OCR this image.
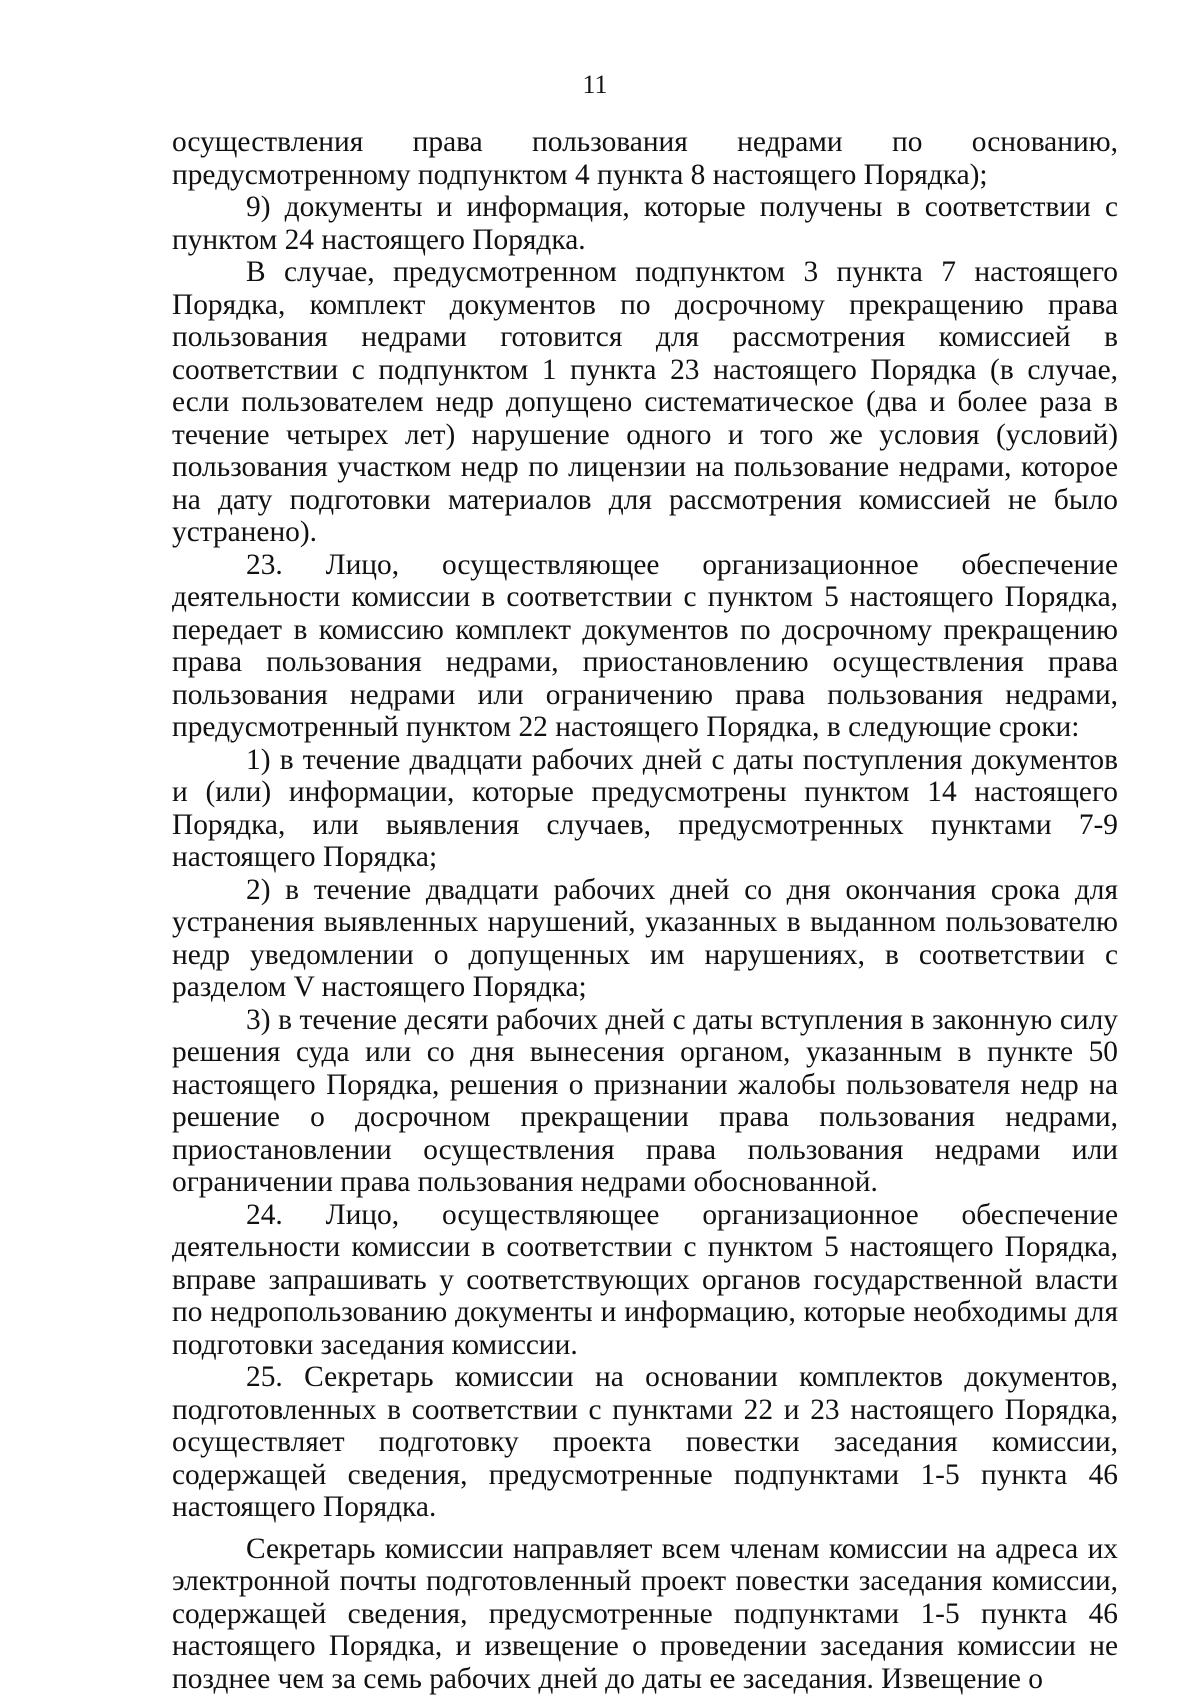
11

осуществления права пользования недрами по основанию, предусмотренному подпунктом 4 пункта 8 настоящего Порядка);

9) документы и информация, которые получены в соответствии с пунктом 24 настоящего Порядка.

В случае, предусмотренном подпунктом 3 пункта 7 настоящего Порядка, комплект документов по досрочному прекращению права пользования недрами готовится для рассмотрения комиссией в соответствии с подпунктом 1 пункта 23 настоящего Порядка (в случае, если пользователем недр допущено систематическое (два и более раза в течение четырех лет) нарушение одного и того же условия (условий) пользования участком недр по лицензии на пользование недрами, которое на дату подготовки материалов для рассмотрения комиссией не было устранено).

23. Лицо, осуществляющее организационное обеспечение деятельности комиссии в соответствии с пунктом 5 настоящего Порядка, передает в комиссию комплект документов по досрочному прекращению права пользования недрами, приостановлению осуществления права пользования недрами или ограничению права пользования недрами, предусмотренный пунктом 22 настоящего Порядка, в следующие сроки:

1) в течение двадцати рабочих дней с даты поступления документов и (или) информации, которые предусмотрены пунктом 14 настоящего Порядка, или выявления случаев, предусмотренных пунктами 7-9 настоящего Порядка;

2) в течение двадцати рабочих дней со дня окончания срока для устранения выявленных нарушений, указанных в выданном пользователю недр уведомлении о допущенных им нарушениях, в соответствии с разделом V настоящего Порядка;

3) в течение десяти рабочих дней с даты вступления в законную силу решения суда или со дня вынесения органом, указанным в пункте 50 настоящего Порядка, решения о признании жалобы пользователя недр на решение о досрочном прекращении права пользования недрами, приостановлении осуществления права пользования недрами или ограничении права пользования недрами обоснованной.

24. Лицо, осуществляющее организационное обеспечение деятельности комиссии в соответствии с пунктом 5 настоящего Порядка, вправе запрашивать у соответствующих органов государственной власти по недропользованию документы и информацию, которые необходимы для подготовки заседания комиссии.

25. Секретарь комиссии на основании комплектов документов, подготовленных в соответствии с пунктами 22 и 23 настоящего Порядка, осуществляет подготовку проекта повестки заседания комиссии, содержащей сведения, предусмотренные подпунктами 1-5 пункта 46 настоящего Порядка.

Секретарь комиссии направляет всем членам комиссии на адреса их электронной почты подготовленный проект повестки заседания комиссии, содержащей сведения, предусмотренные подпунктами 1-5 пункта 46 настоящего Порядка, и извещение о проведении заседания комиссии не позднее чем за семь рабочих дней до даты ее заседания. Извещение о
